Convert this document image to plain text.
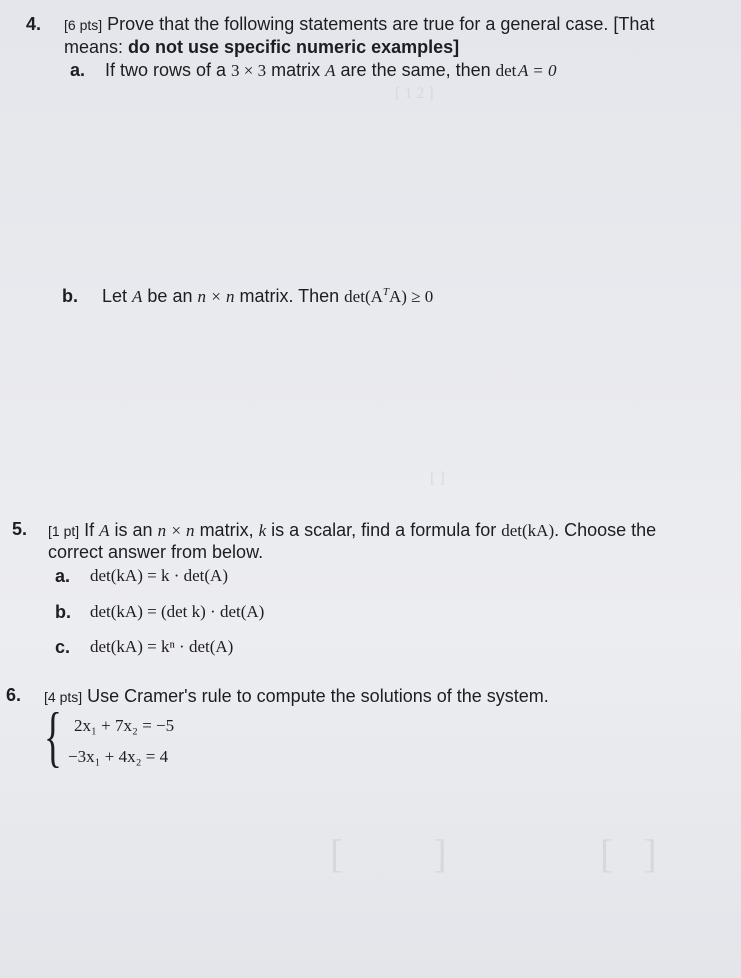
[ 1 2 ]
[ ]
[         ]	[   ]
4. [6 pts] Prove that the following statements are true for a general case. [That
means: do not use specific numeric examples]
a. If two rows of a 3 × 3 matrix A are the same, then det A = 0
b. Let A be an n × n matrix. Then $\det(A^TA) \ge 0$
5. [1 pt] If A is an n × n matrix, k is a scalar, find a formula for det(kA). Choose the
correct answer from below.
a. det(kA) = k · det(A)
b. det(kA) = (det k) · det(A)
c. det(kA) = kⁿ · det(A)
6. [4 pts] Use Cramer's rule to compute the solutions of the system.
{ 2x₁ + 7x₂ = −5
−3x₁ + 4x₂ = 4
